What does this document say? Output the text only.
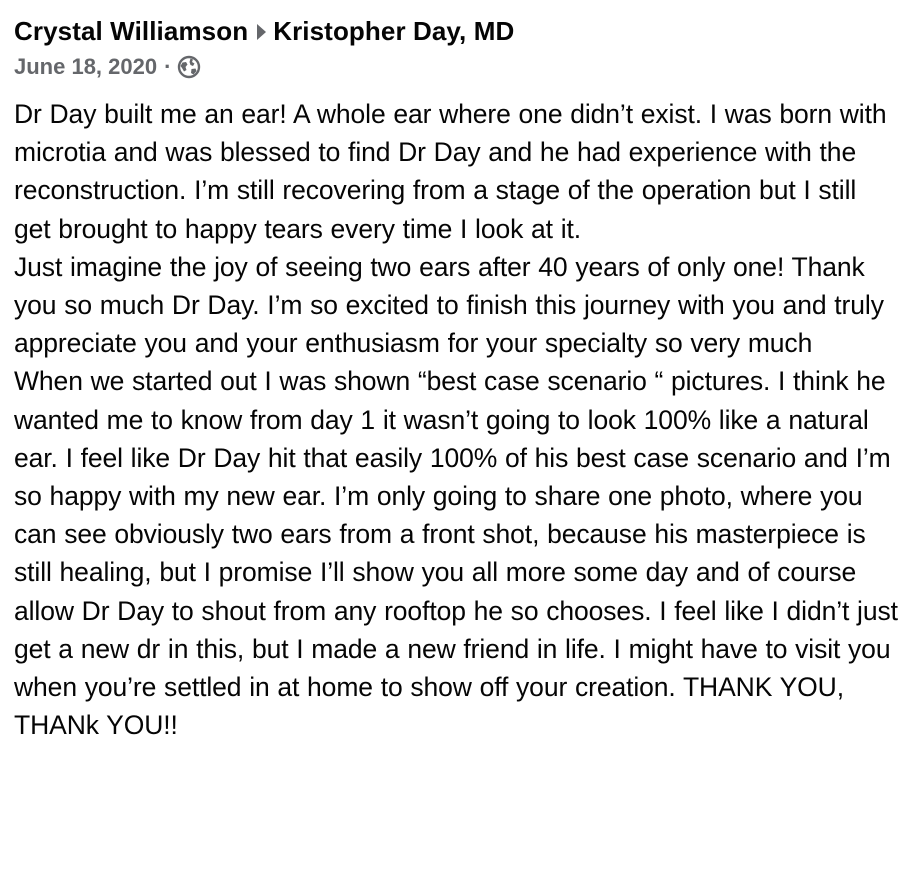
Crystal Williamson Kristopher Day, MD
June 18, 2020 ·

Dr Day built me an ear! A whole ear where one didn’t exist. I was born with microtia and was blessed to find Dr Day and he had experience with the reconstruction. I’m still recovering from a stage of the operation but I still get brought to happy tears every time I look at it.

Just imagine the joy of seeing two ears after 40 years of only one! Thank you so much Dr Day. I’m so excited to finish this journey with you and truly appreciate you and your enthusiasm for your specialty so very much

When we started out I was shown “best case scenario “ pictures. I think he wanted me to know from day 1 it wasn’t going to look 100% like a natural ear. I feel like Dr Day hit that easily 100% of his best case scenario and I’m so happy with my new ear. I’m only going to share one photo, where you can see obviously two ears from a front shot, because his masterpiece is still healing, but I promise I’ll show you all more some day and of course allow Dr Day to shout from any rooftop he so chooses. I feel like I didn’t just get a new dr in this, but I made a new friend in life. I might have to visit you when you’re settled in at home to show off your creation. THANK YOU, THANk YOU!!
